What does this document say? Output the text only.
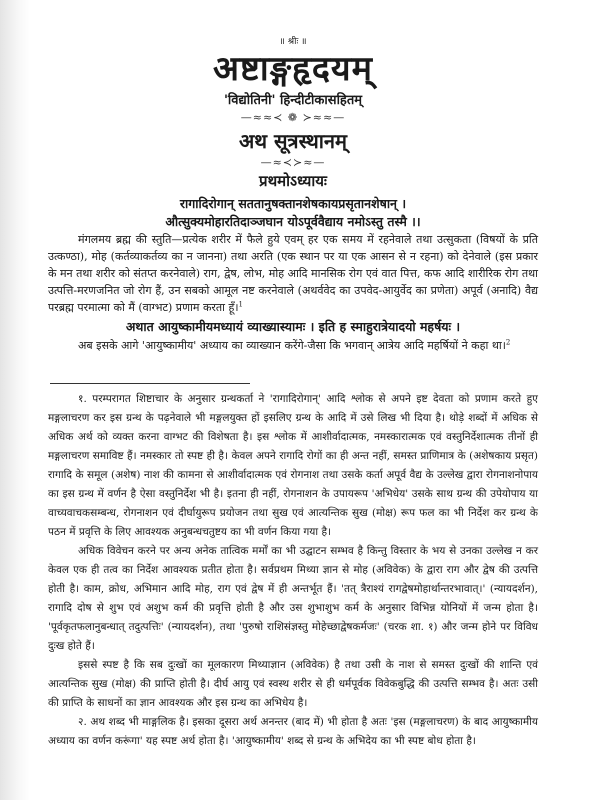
॥ श्रीः ॥
अष्टाङ्गहृदयम्
'विद्योतिनी' हिन्दीटीकासहितम्
—≈≈≺ ❁ ≻≈≈—
अथ सूत्रस्थानम्
—≈≺≻≈—
प्रथमोऽध्यायः
रागादिरोगान् सततानुषक्तानशेषकायप्रसृतानशेषान् ।
औत्सुक्यमोहारतिदाञ्जघान योऽपूर्ववैद्याय नमोऽस्तु तस्मै ।।
मंगलमय ब्रह्म की स्तुति—प्रत्येक शरीर में फैले हुये एवम् हर एक समय में रहनेवाले तथा उत्सुकता (विषयों के प्रति उत्कण्ठा), मोह (कर्तव्याकर्तव्य का न जानना) तथा अरति (एक स्थान पर या एक आसन से न रहना) को देनेवाले (इस प्रकार के मन तथा शरीर को संतप्त करनेवाले) राग, द्वेष, लोभ, मोह आदि मानसिक रोग एवं वात पित्त, कफ आदि शारीरिक रोग तथा उत्पत्ति-मरणजनित जो रोग हैं, उन सबको आमूल नष्ट करनेवाले (अथर्ववेद का उपवेद-आयुर्वेद का प्रणेता) अपूर्व (अनादि) वैद्य परब्रह्म परमात्मा को मैं (वाग्भट) प्रणाम करता हूँ।$^1$
अथात आयुष्कामीयमध्यायं व्याख्यास्यामः । इति ह स्माहुरात्रेयादयो महर्षयः ।
अब इसके आगे 'आयुष्कामीय' अध्याय का व्याख्यान करेंगे-जैसा कि भगवान् आत्रेय आदि महर्षियों ने कहा था।$^2$

१. परम्परागत शिष्टाचार के अनुसार ग्रन्थकर्ता ने 'रागादिरोगान्' आदि श्लोक से अपने इष्ट देवता को प्रणाम करते हुए मङ्गलाचरण कर इस ग्रन्थ के पढ़नेवाले भी मङ्गलयुक्त हों इसलिए ग्रन्थ के आदि में उसे लिख भी दिया है। थोड़े शब्दों में अधिक से अधिक अर्थ को व्यक्त करना वाग्भट की विशेषता है। इस श्लोक में आशीर्वादात्मक, नमस्कारात्मक एवं वस्तुनिर्देशात्मक तीनों ही मङ्गलाचरण समाविष्ट हैं। नमस्कार तो स्पष्ट ही है। केवल अपने रागादि रोगों का ही अन्त नहीं, समस्त प्राणिमात्र के (अशेषकाय प्रसृत) रागादि के समूल (अशेष) नाश की कामना से आशीर्वादात्मक एवं रोगनाश तथा उसके कर्ता अपूर्व वैद्य के उल्लेख द्वारा रोगनाशनोपाय का इस ग्रन्थ में वर्णन है ऐसा वस्तुनिर्देश भी है। इतना ही नहीं, रोगनाशन के उपायरूप 'अभिधेय' उसके साथ ग्रन्थ की उपेयोपाय या वाच्यवाचकसम्बन्ध, रोगनाशन एवं दीर्घायुरूप प्रयोजन तथा सुख एवं आत्यन्तिक सुख (मोक्ष) रूप फल का भी निर्देश कर ग्रन्थ के पठन में प्रवृत्ति के लिए आवश्यक अनुबन्धचतुष्टय का भी वर्णन किया गया है।

अधिक विवेचन करने पर अन्य अनेक तात्विक मर्मों का भी उद्घाटन सम्भव है किन्तु विस्तार के भय से उनका उल्लेख न कर केवल एक ही तत्व का निर्देश आवश्यक प्रतीत होता है। सर्वप्रथम मिथ्या ज्ञान से मोह (अविवेक) के द्वारा राग और द्वेष की उत्पत्ति होती है। काम, क्रोध, अभिमान आदि मोह, राग एवं द्वेष में ही अन्तर्भूत हैं। 'तत् त्रैराश्यं रागद्वेषमोहार्थान्तरभावात्।' (न्यायदर्शन), रागादि दोष से शुभ एवं अशुभ कर्म की प्रवृत्ति होती है और उस शुभाशुभ कर्म के अनुसार विभिन्न योनियों में जन्म होता है। 'पूर्वकृतफलानुबन्धात् तदुत्पत्तिः' (न्यायदर्शन), तथा 'पुरुषो राशिसंज्ञस्तु मोहेच्छाद्वेषकर्मजः' (चरक शा. १) और जन्म होने पर विविध दुःख होते हैं।

इससे स्पष्ट है कि सब दुःखों का मूलकारण मिथ्याज्ञान (अविवेक) है तथा उसी के नाश से समस्त दुःखों की शान्ति एवं आत्यन्तिक सुख (मोक्ष) की प्राप्ति होती है। दीर्घ आयु एवं स्वस्थ शरीर से ही धर्मपूर्वक विवेकबुद्धि की उत्पत्ति सम्भव है। अतः उसी की प्राप्ति के साधनों का ज्ञान आवश्यक और इस ग्रन्थ का अभिधेय है।

२. अथ शब्द भी माङ्गलिक है। इसका दूसरा अर्थ अनन्तर (बाद में) भी होता है अतः 'इस (मङ्गलाचरण) के बाद आयुष्कामीय अध्याय का वर्णन करूंगा' यह स्पष्ट अर्थ होता है। 'आयुष्कामीय' शब्द से ग्रन्थ के अभिदेय का भी स्पष्ट बोध होता है।
